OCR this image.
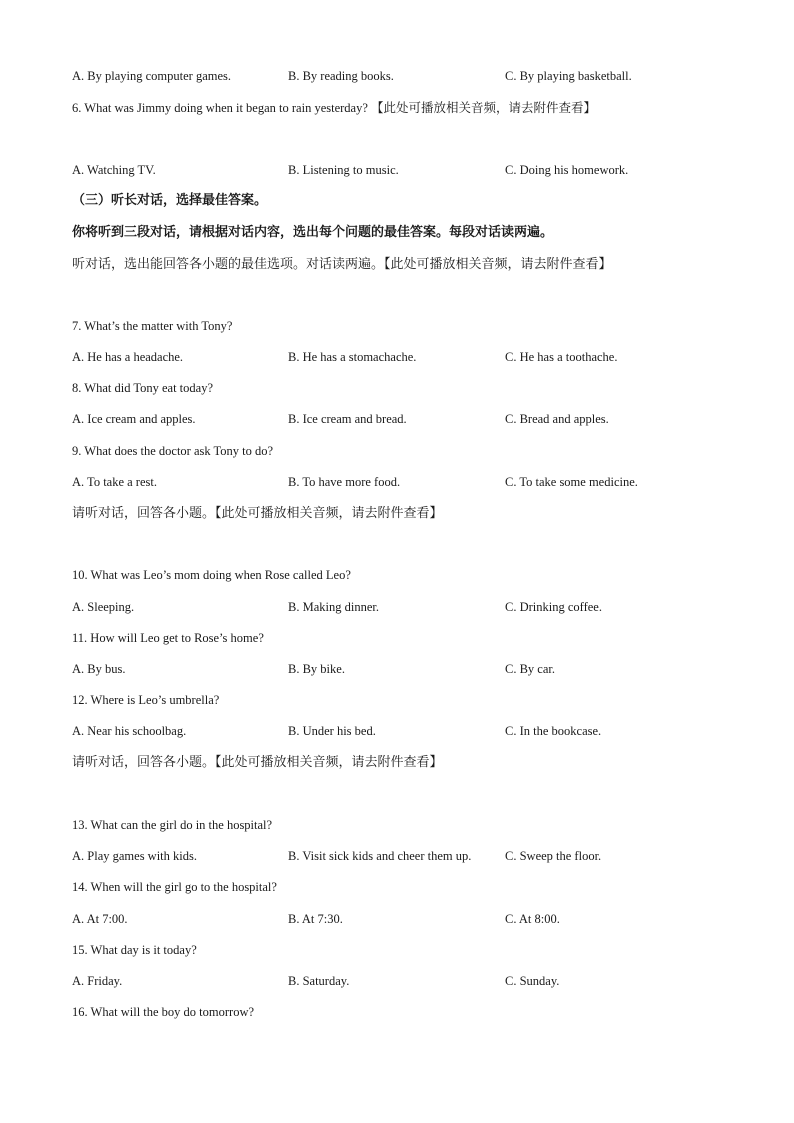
A. By playing computer games.	B. By reading books.	C. By playing basketball.
6. What was Jimmy doing when it began to rain yesterday? 【此处可播放相关音频，请去附件查看】
A. Watching TV.	B. Listening to music.	C. Doing his homework.
（三）听长对话，选择最佳答案。
你将听到三段对话，请根据对话内容，选出每个问题的最佳答案。每段对话读两遍。
听对话，选出能回答各小题的最佳选项。对话读两遍。【此处可播放相关音频，请去附件查看】
7. What’s the matter with Tony?
A. He has a headache.	B. He has a stomachache.	C. He has a toothache.
8. What did Tony eat today?
A. Ice cream and apples.	B. Ice cream and bread.	C. Bread and apples.
9. What does the doctor ask Tony to do?
A. To take a rest.	B. To have more food.	C. To take some medicine.
请听对话，回答各小题。【此处可播放相关音频，请去附件查看】
10. What was Leo’s mom doing when Rose called Leo?
A. Sleeping.	B. Making dinner.	C. Drinking coffee.
11. How will Leo get to Rose’s home?
A. By bus.	B. By bike.	C. By car.
12. Where is Leo’s umbrella?
A. Near his schoolbag.	B. Under his bed.	C. In the bookcase.
请听对话，回答各小题。【此处可播放相关音频，请去附件查看】
13. What can the girl do in the hospital?
A. Play games with kids.	B. Visit sick kids and cheer them up.	C. Sweep the floor.
14. When will the girl go to the hospital?
A. At 7:00.	B. At 7:30.	C. At 8:00.
15. What day is it today?
A. Friday.	B. Saturday.	C. Sunday.
16. What will the boy do tomorrow?
